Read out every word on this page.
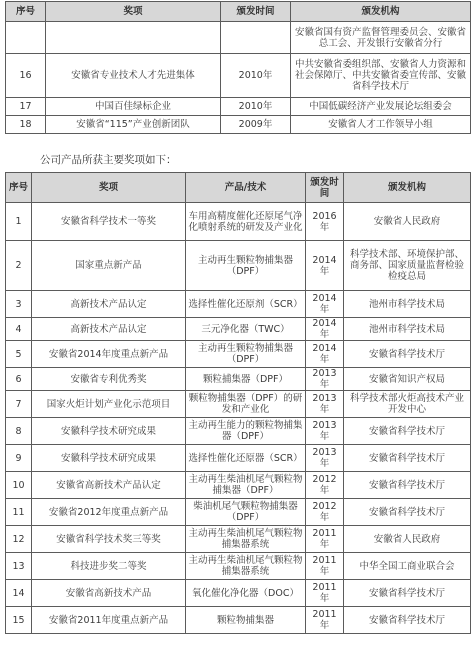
序号	奖项	颁发时间	颁发机构
			安徽省国有资产监督管理委员会、安徽省总工会、开发银行安徽省分行
16	安徽省专业技术人才先进集体	2010年	中共安徽省委组织部、安徽省人力资源和社会保障厅、中共安徽省委宣传部、安徽省科学技术厅
17	中国百佳绿标企业	2010年	中国低碳经济产业发展论坛组委会
18	安徽省“115”产业创新团队	2009年	安徽省人才工作领导小组
公司产品所获主要奖项如下：
序号	奖项	产品/技术	颁发时间	颁发机构
1	安徽省科学技术一等奖	车用高精度催化还原尾气净化喷射系统的研发及产业化	2016年	安徽省人民政府
2	国家重点新产品	主动再生颗粒物捕集器（DPF）	2014年	科学技术部、环境保护部、商务部、国家质量监督检验检疫总局
3	高新技术产品认定	选择性催化还原剂（SCR）	2014年	池州市科学技术局
4	高新技术产品认定	三元净化器（TWC）	2014年	池州市科学技术局
5	安徽省2014年度重点新产品	主动再生颗粒物捕集器（DPF）	2014年	安徽省科学技术厅
6	安徽省专利优秀奖	颗粒捕集器（DPF）	2013年	安徽省知识产权局
7	国家火炬计划产业化示范项目	颗粒物捕集器（DPF）的研发和产业化	2013年	科学技术部火炬高技术产业开发中心
8	安徽科学技术研究成果	主动再生能力的颗粒物捕集器（DPF）	2013年	安徽省科学技术厅
9	安徽科学技术研究成果	选择性催化还原器（SCR）	2013年	安徽省科学技术厅
10	安徽省高新技术产品认定	主动再生柴油机尾气颗粒物捕集器（DPF）	2012年	安徽省科学技术厅
11	安徽省2012年度重点新产品	柴油机尾气颗粒物捕集器（DPF）	2012年	安徽省科学技术厅
12	安徽省科学技术奖三等奖	主动再生柴油机尾气颗粒物捕集器系统	2011年	安徽省人民政府
13	科技进步奖二等奖	主动再生柴油机尾气颗粒物捕集器系统	2011年	中华全国工商业联合会
14	安徽省高新技术产品	氧化催化净化器（DOC）	2011年	安徽省科学技术厅
15	安徽省2011年度重点新产品	颗粒物捕集器	2011年	安徽省科学技术厅
